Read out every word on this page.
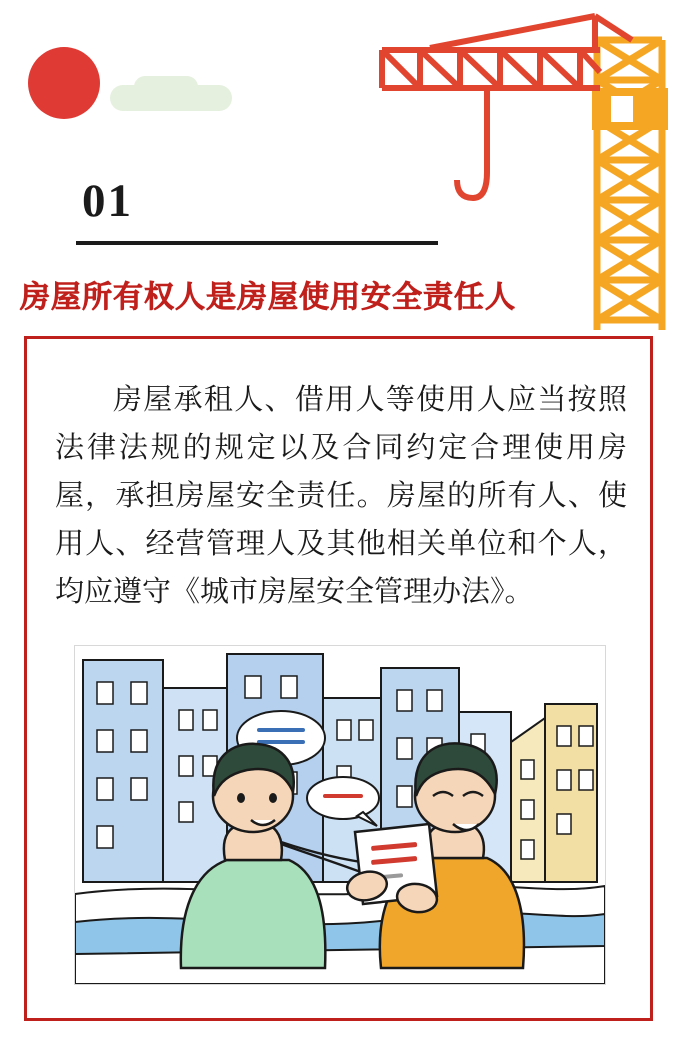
01
房屋所有权人是房屋使用安全责任人
房屋承租人、借用人等使用人应当按照法律法规的规定以及合同约定合理使用房屋，承担房屋安全责任。房屋的所有人、使用人、经营管理人及其他相关单位和个人，均应遵守《城市房屋安全管理办法》。
